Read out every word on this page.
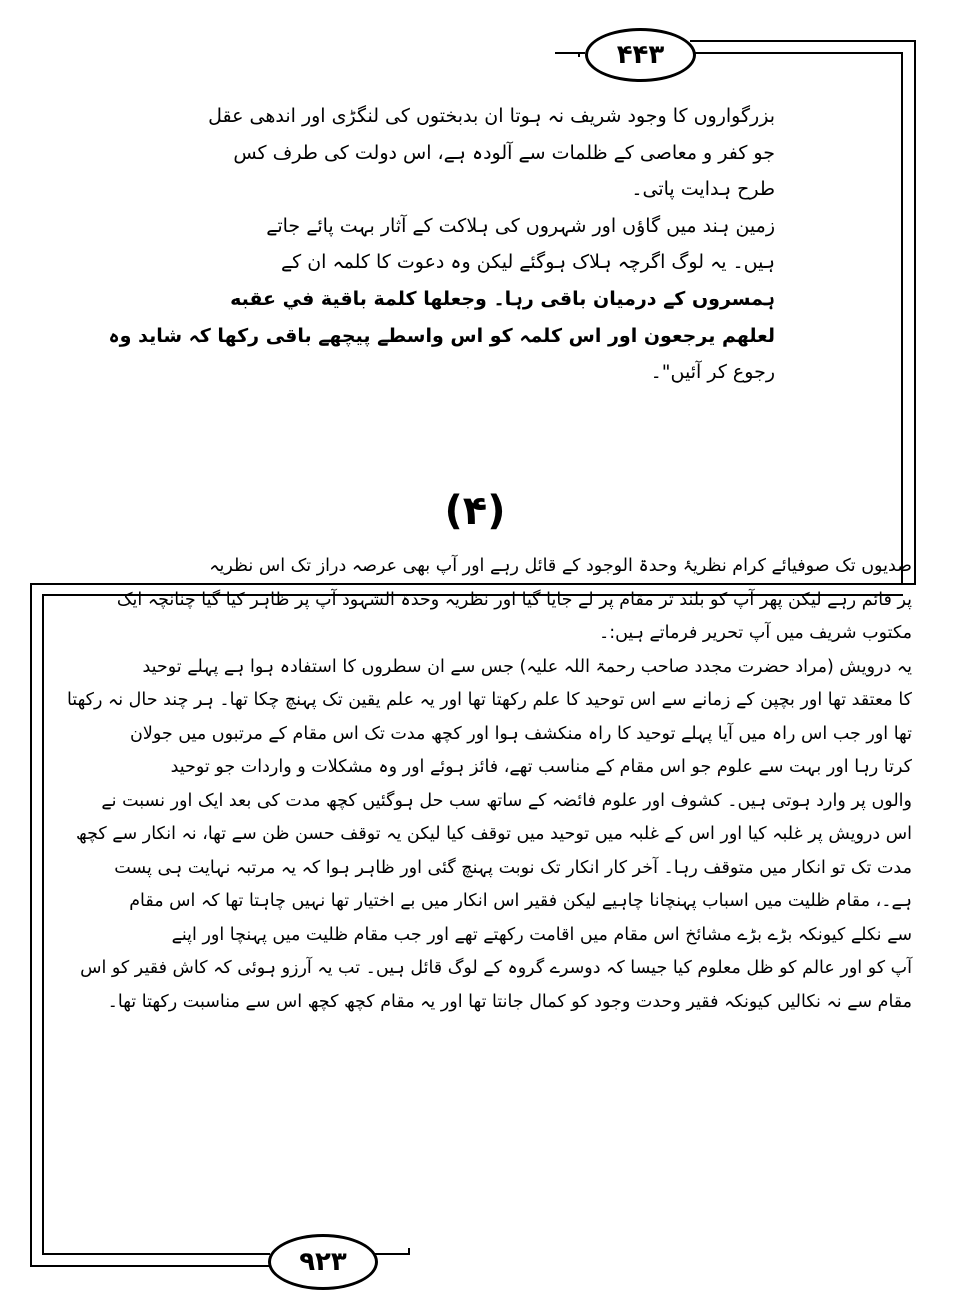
۴۴۳
بزرگواروں کا وجود شریف نہ ہوتا ان بدبختوں کی لنگڑی اور اندھی عقل
جو کفر و معاصی کے ظلمات سے آلودہ ہے، اس دولت کی طرف کس
طرح ہدایت پاتی۔
زمین ہند میں گاؤں اور شہروں کی ہلاکت کے آثار بہت پائے جاتے
ہیں۔ یہ لوگ اگرچہ ہلاک ہوگئے لیکن وہ دعوت کا کلمہ ان کے
ہمسروں کے درمیان باقی رہا۔ وجعلها كلمة باقية في عقبه
لعلهم يرجعون اور اس کلمہ کو اس واسطے پیچھے باقی رکھا کہ شاید وہ
رجوع کر آئیں"۔
(۴)
صدیوں تک صوفیائے کرام نظریۂ وحدۃ الوجود کے قائل رہے اور آپ بھی عرصہ دراز تک اس نظریہ
پر قائم رہے لیکن پھر آپ کو بلند تر مقام پر لے جایا گیا اور نظریہ وحدۃ الشہود آپ پر ظاہر کیا گیا چنانچہ ایک
مکتوب شریف میں آپ تحریر فرماتے ہیں:۔
یہ درویش (مراد حضرت مجدد صاحب رحمۃ اللہ علیہ) جس سے ان سطروں کا استفادہ ہوا ہے پہلے توحید
کا معتقد تھا اور بچپن کے زمانے سے اس توحید کا علم رکھتا تھا اور یہ علم یقین تک پہنچ چکا تھا۔ ہر چند حال نہ رکھتا
تھا اور جب اس راہ میں آیا پہلے توحید کا راہ منکشف ہوا اور کچھ مدت تک اس مقام کے مرتبوں میں جولان
کرتا رہا اور بہت سے علوم جو اس مقام کے مناسب تھے، فائز ہوئے اور وہ مشکلات و واردات جو توحید
والوں پر وارد ہوتی ہیں۔ کشوف اور علوم فائضہ کے ساتھ سب حل ہوگئیں کچھ مدت کی بعد ایک اور نسبت نے
اس درویش پر غلبہ کیا اور اس کے غلبہ میں توحید میں توقف کیا لیکن یہ توقف حسن ظن سے تھا، نہ انکار سے کچھ
مدت تک تو انکار میں متوقف رہا۔ آخر کار انکار تک نوبت پہنچ گئی اور ظاہر ہوا کہ یہ مرتبہ نہایت ہی پست
ہے۔، مقام ظلیت میں اسباب پہنچانا چاہیے لیکن فقیر اس انکار میں بے اختیار تھا نہیں چاہتا تھا کہ اس مقام
سے نکلے کیونکہ بڑے بڑے مشائخ اس مقام میں اقامت رکھتے تھے اور جب مقام ظلیت میں پہنچا اور اپنے
آپ کو اور عالم کو ظل معلوم کیا جیسا کہ دوسرے گروہ کے لوگ قائل ہیں۔ تب یہ آرزو ہوئی کہ کاش فقیر کو اس
مقام سے نہ نکالیں کیونکہ فقیر وحدت وجود کو کمال جانتا تھا اور یہ مقام کچھ کچھ اس سے مناسبت رکھتا تھا۔
۹۲۳
